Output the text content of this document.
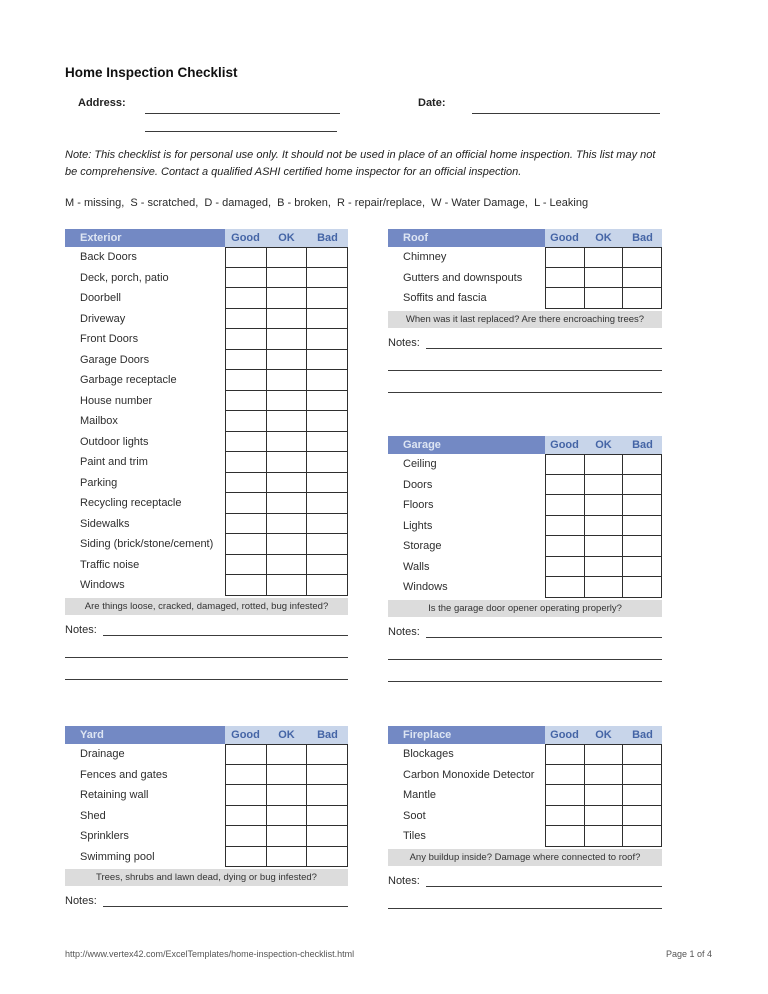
Home Inspection Checklist
Address:	Date:
Note: This checklist is for personal use only. It should not be used in place of an official home inspection. This list may not be comprehensive. Contact a qualified ASHI certified home inspector for an official inspection.
M - missing,  S - scratched,  D - damaged,  B - broken,  R - repair/replace,  W - Water Damage,  L - Leaking
Exterior	Good	OK	Bad
Back Doors
Deck, porch, patio
Doorbell
Driveway
Front Doors
Garage Doors
Garbage receptacle
House number
Mailbox
Outdoor lights
Paint and trim
Parking
Recycling receptacle
Sidewalks
Siding (brick/stone/cement)
Traffic noise
Windows
Are things loose, cracked, damaged, rotted, bug infested?
Notes:
Roof	Good	OK	Bad
Chimney
Gutters and downspouts
Soffits and fascia
When was it last replaced? Are there encroaching trees?
Notes:
Garage	Good	OK	Bad
Ceiling
Doors
Floors
Lights
Storage
Walls
Windows
Is the garage door opener operating properly?
Notes:
Yard	Good	OK	Bad
Drainage
Fences and gates
Retaining wall
Shed
Sprinklers
Swimming pool
Trees, shrubs and lawn dead, dying or bug infested?
Notes:
Fireplace	Good	OK	Bad
Blockages
Carbon Monoxide Detector
Mantle
Soot
Tiles
Any buildup inside? Damage where connected to roof?
Notes:
http://www.vertex42.com/ExcelTemplates/home-inspection-checklist.html	Page 1 of 4
